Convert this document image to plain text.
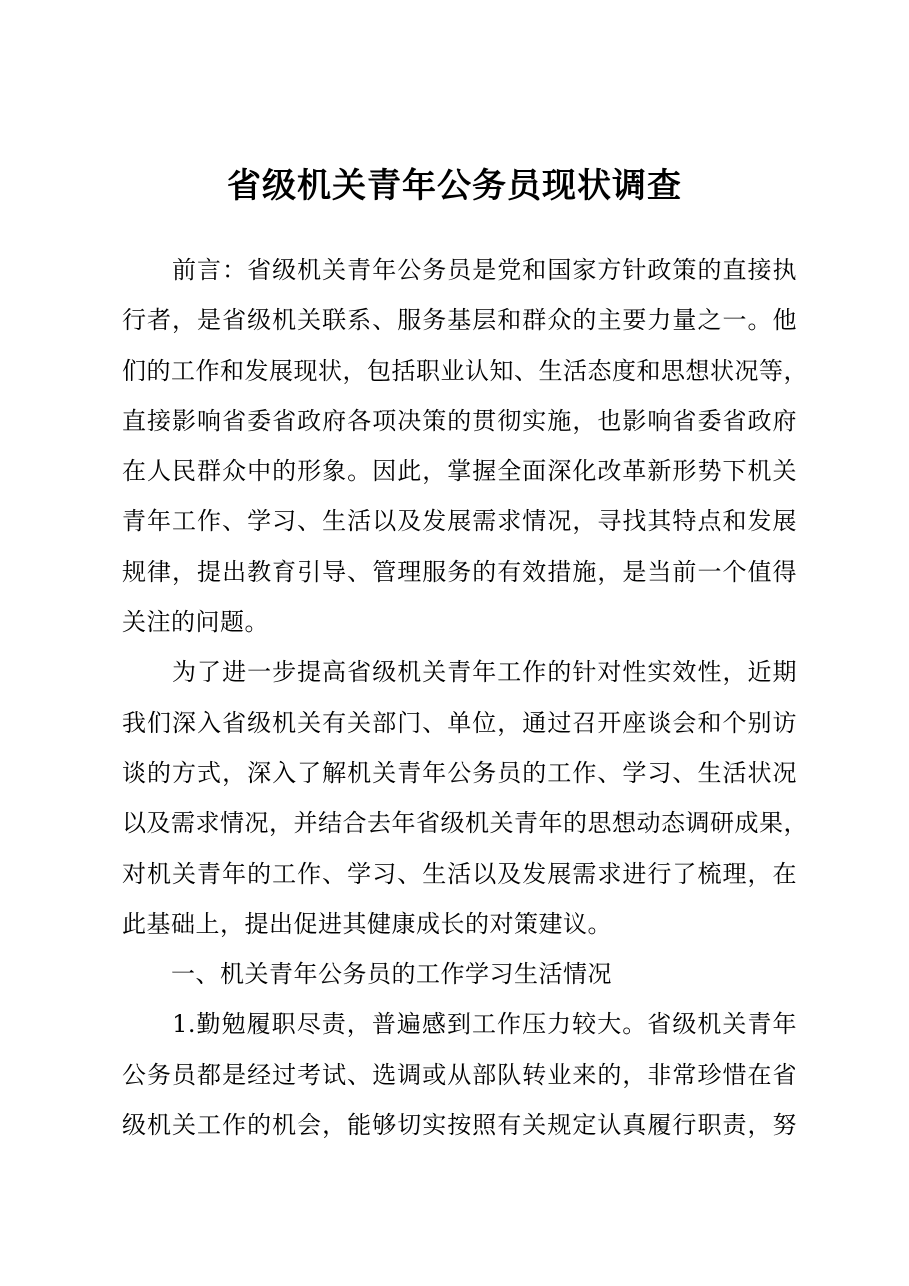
省级机关青年公务员现状调查
　　前言：省级机关青年公务员是党和国家方针政策的直接执
行者，是省级机关联系、服务基层和群众的主要力量之一。他
们的工作和发展现状，包括职业认知、生活态度和思想状况等，
直接影响省委省政府各项决策的贯彻实施，也影响省委省政府
在人民群众中的形象。因此，掌握全面深化改革新形势下机关
青年工作、学习、生活以及发展需求情况，寻找其特点和发展
规律，提出教育引导、管理服务的有效措施，是当前一个值得
关注的问题。
　　为了进一步提高省级机关青年工作的针对性实效性，近期
我们深入省级机关有关部门、单位，通过召开座谈会和个别访
谈的方式，深入了解机关青年公务员的工作、学习、生活状况
以及需求情况，并结合去年省级机关青年的思想动态调研成果，
对机关青年的工作、学习、生活以及发展需求进行了梳理，在
此基础上，提出促进其健康成长的对策建议。
　　一、机关青年公务员的工作学习生活情况
　　1.勤勉履职尽责，普遍感到工作压力较大。省级机关青年
公务员都是经过考试、选调或从部队转业来的，非常珍惜在省
级机关工作的机会，能够切实按照有关规定认真履行职责，努
